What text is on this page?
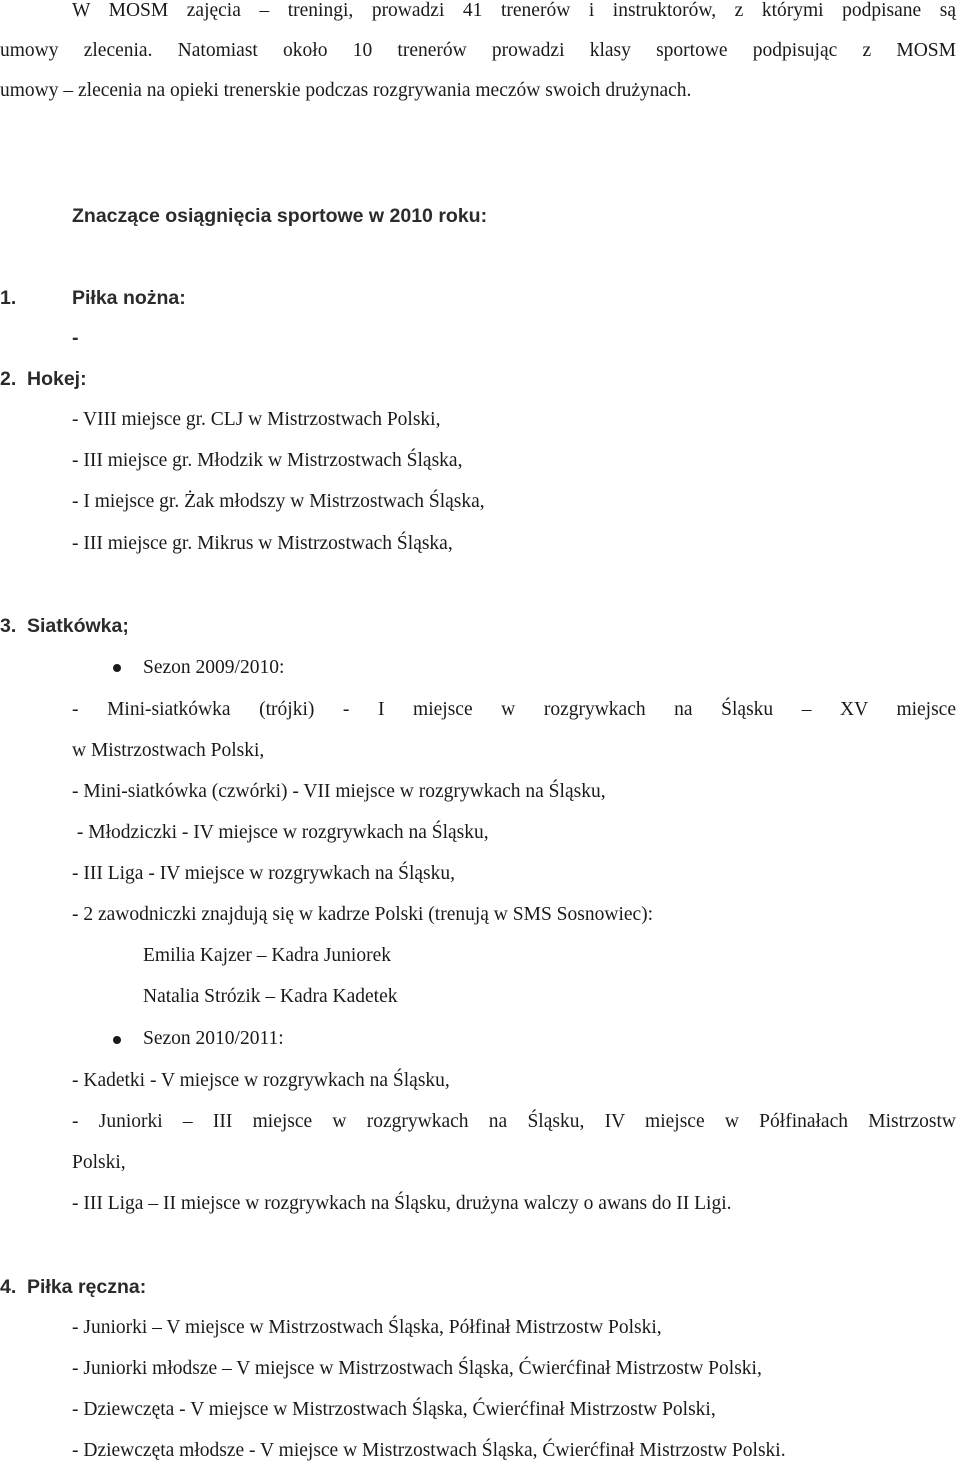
W MOSM zajęcia – treningi, prowadzi 41 trenerów i instruktorów, z którymi podpisane są
umowy zlecenia. Natomiast około 10 trenerów prowadzi klasy sportowe podpisując z MOSM
umowy – zlecenia na opieki trenerskie podczas rozgrywania meczów swoich drużynach.
Znaczące osiągnięcia sportowe w 2010 roku:
1.	Piłka nożna:
-
2. Hokej:
- VIII miejsce gr. CLJ w Mistrzostwach Polski,
- III miejsce gr. Młodzik w Mistrzostwach Śląska,
- I miejsce gr. Żak młodszy w Mistrzostwach Śląska,
- III miejsce gr. Mikrus w Mistrzostwach Śląska,
3. Siatkówka;
Sezon 2009/2010:
- Mini-siatkówka (trójki) - I miejsce w rozgrywkach na Śląsku – XV miejsce
w Mistrzostwach Polski,
- Mini-siatkówka (czwórki) - VII miejsce w rozgrywkach na Śląsku,
- Młodziczki - IV miejsce w rozgrywkach na Śląsku,
- III Liga - IV miejsce w rozgrywkach na Śląsku,
- 2 zawodniczki znajdują się w kadrze Polski (trenują w SMS Sosnowiec):
Emilia Kajzer – Kadra Juniorek
Natalia Strózik – Kadra Kadetek
Sezon 2010/2011:
- Kadetki - V miejsce w rozgrywkach na Śląsku,
- Juniorki – III miejsce w rozgrywkach na Śląsku, IV miejsce w Półfinałach Mistrzostw
Polski,
- III Liga – II miejsce w rozgrywkach na Śląsku, drużyna walczy o awans do II Ligi.
4. Piłka ręczna:
- Juniorki – V miejsce w Mistrzostwach Śląska, Półfinał Mistrzostw Polski,
- Juniorki młodsze – V miejsce w Mistrzostwach Śląska, Ćwierćfinał Mistrzostw Polski,
- Dziewczęta - V miejsce w Mistrzostwach Śląska, Ćwierćfinał Mistrzostw Polski,
- Dziewczęta młodsze - V miejsce w Mistrzostwach Śląska, Ćwierćfinał Mistrzostw Polski.
